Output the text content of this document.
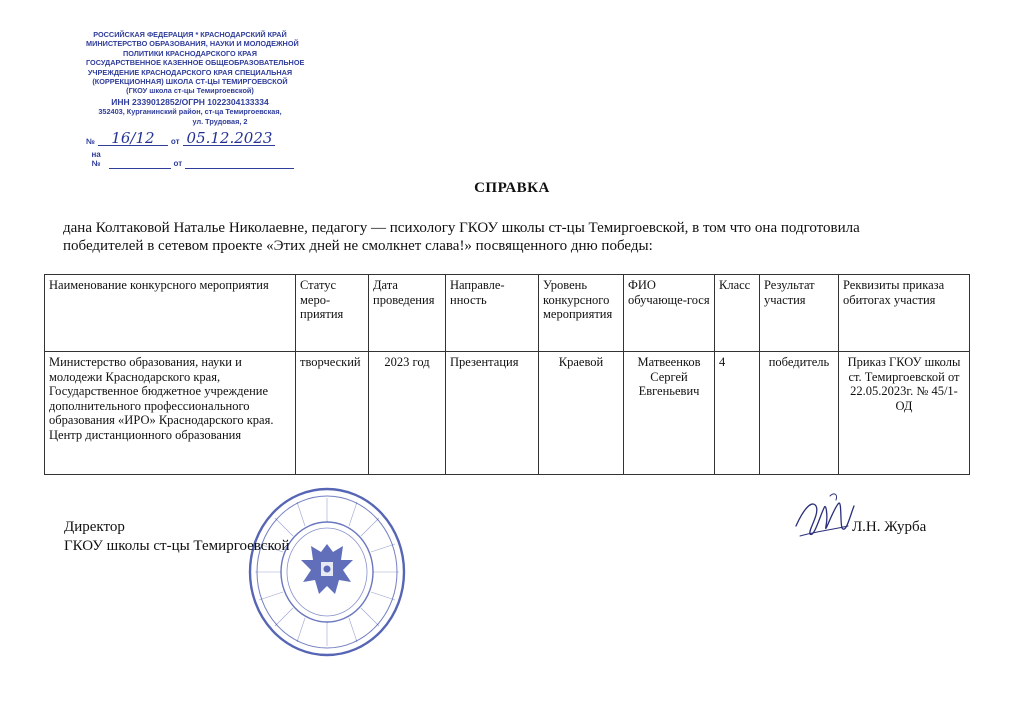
РОССИЙСКАЯ ФЕДЕРАЦИЯ * КРАСНОДАРСКИЙ КРАЙ
МИНИСТЕРСТВО ОБРАЗОВАНИЯ, НАУКИ И МОЛОДЕЖНОЙ
ПОЛИТИКИ КРАСНОДАРСКОГО КРАЯ
ГОСУДАРСТВЕННОЕ КАЗЕННОЕ ОБЩЕОБРАЗОВАТЕЛЬНОЕ
УЧРЕЖДЕНИЕ КРАСНОДАРСКОГО КРАЯ СПЕЦИАЛЬНАЯ
(КОРРЕКЦИОННАЯ) ШКОЛА СТ-ЦЫ ТЕМИРГОЕВСКОЙ
(ГКОУ школа ст-цы Темиргоевской)
ИНН 2339012852/ОГРН 1022304133334
352403, Курганинский район, ст-ца Темиргоевская,
ул. Трудовая, 2
№	16/12	от 05.12.2023
на №	от
СПРАВКА
дана Колтаковой Наталье Николаевне, педагогу — психологу ГКОУ школы ст-цы Темиргоевской, в том что она подготовила победителей в сетевом проекте «Этих дней не смолкнет слава!» посвященного дню победы:
Наименование конкурсного мероприятия	Статус меро-приятия	Дата проведения	Направле-нность	Уровень конкурсного мероприятия	ФИО обучающе-гося	Класс	Результат участия	Реквизиты приказа обитогах участия
Министерство образования, науки и молодежи Краснодарского края, Государственное бюджетное учреждение дополнительного профессионального образования «ИРО» Краснодарского края. Центр дистанционного образования	творческий	2023 год	Презентация	Краевой	Матвеенков Сергей Евгеньевич	4	победитель	Приказ ГКОУ школы ст. Темиргоевской от 22.05.2023г. № 45/1-ОД
Директор
ГКОУ школы ст-цы Темиргоевской
Л.Н. Журба
